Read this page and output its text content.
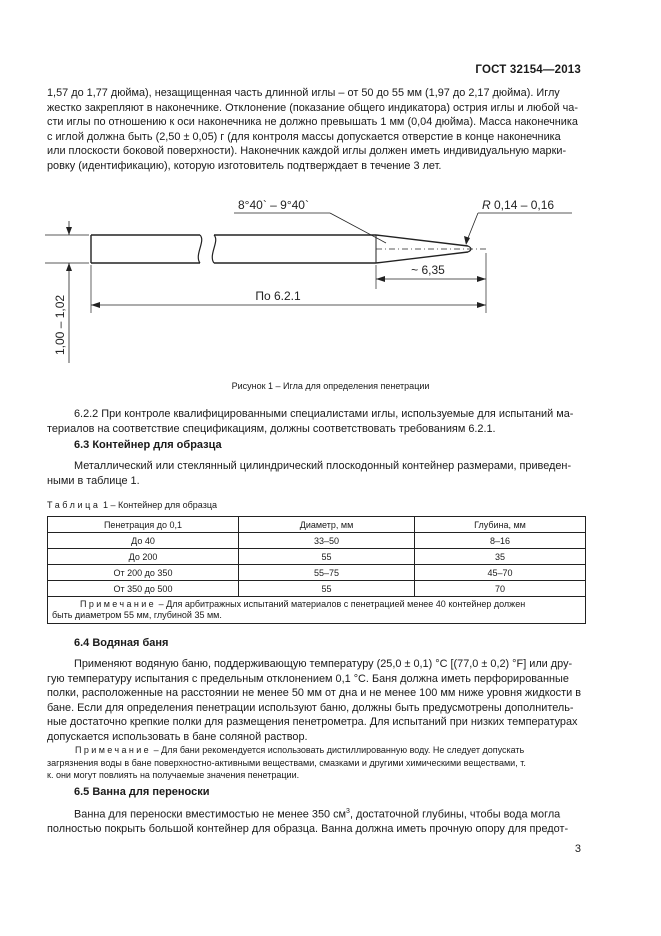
ГОСТ 32154—2013
1,57 до 1,77 дюйма), незащищенная часть длинной иглы – от 50 до 55 мм (1,97 до 2,17 дюйма). Иглу
жестко закрепляют в наконечнике. Отклонение (показание общего индикатора) острия иглы и любой ча-
сти иглы по отношению к оси наконечника не должно превышать 1 мм (0,04 дюйма). Масса наконечника
с иглой должна быть (2,50 ± 0,05) г (для контроля массы допускается отверстие в конце наконечника
или плоскости боковой поверхности). Наконечник каждой иглы должен иметь индивидуальную марки-
ровку (идентификацию), которую изготовитель подтверждает в течение 3 лет.
1,00 – 1,02	По 6.2.1
~ 6,35
8°40` – 9°40`	R 0,14 – 0,16
Рисунок 1 – Игла для определения пенетрации
6.2.2 При контроле квалифицированными специалистами иглы, используемые для испытаний ма-
териалов на соответствие спецификациям, должны соответствовать требованиям 6.2.1.
6.3 Контейнер для образца
Металлический или стеклянный цилиндрический плоскодонный контейнер размерами, приведен-
ными в таблице 1.
Таблица 1 – Контейнер для образца
Пенетрация до 0,1	Диаметр, мм	Глубина, мм
До 40	33–50	8–16
До 200	55	35
От 200 до 350	55–75	45–70
От 350 до 500	55	70

Примечание – Для арбитражных испытаний материалов с пенетрацией менее 40 контейнер должен
быть диаметром 55 мм, глубиной 35 мм.		
6.4 Водяная баня
Применяют водяную баню, поддерживающую температуру (25,0 ± 0,1) °С [(77,0 ± 0,2) °F] или дру-
гую температуру испытания с предельным отклонением 0,1 °С. Баня должна иметь перфорированные
полки, расположенные на расстоянии не менее 50 мм от дна и не менее 100 мм ниже уровня жидкости в
бане. Если для определения пенетрации используют баню, должны быть предусмотрены дополнитель-
ные достаточно крепкие полки для размещения пенетрометра. Для испытаний при низких температурах
допускается использовать в бане соляной раствор.
Примечание – Для бани рекомендуется использовать дистиллированную воду. Не следует допускать
загрязнения воды в бане поверхностно-активными веществами, смазками и другими химическими веществами, т.
к. они могут повлиять на получаемые значения пенетрации.
6.5 Ванна для переноски
Ванна для переноски вместимостью не менее 350 $см^3$, достаточной глубины, чтобы вода могла
полностью покрыть большой контейнер для образца. Ванна должна иметь прочную опору для предот-
3
